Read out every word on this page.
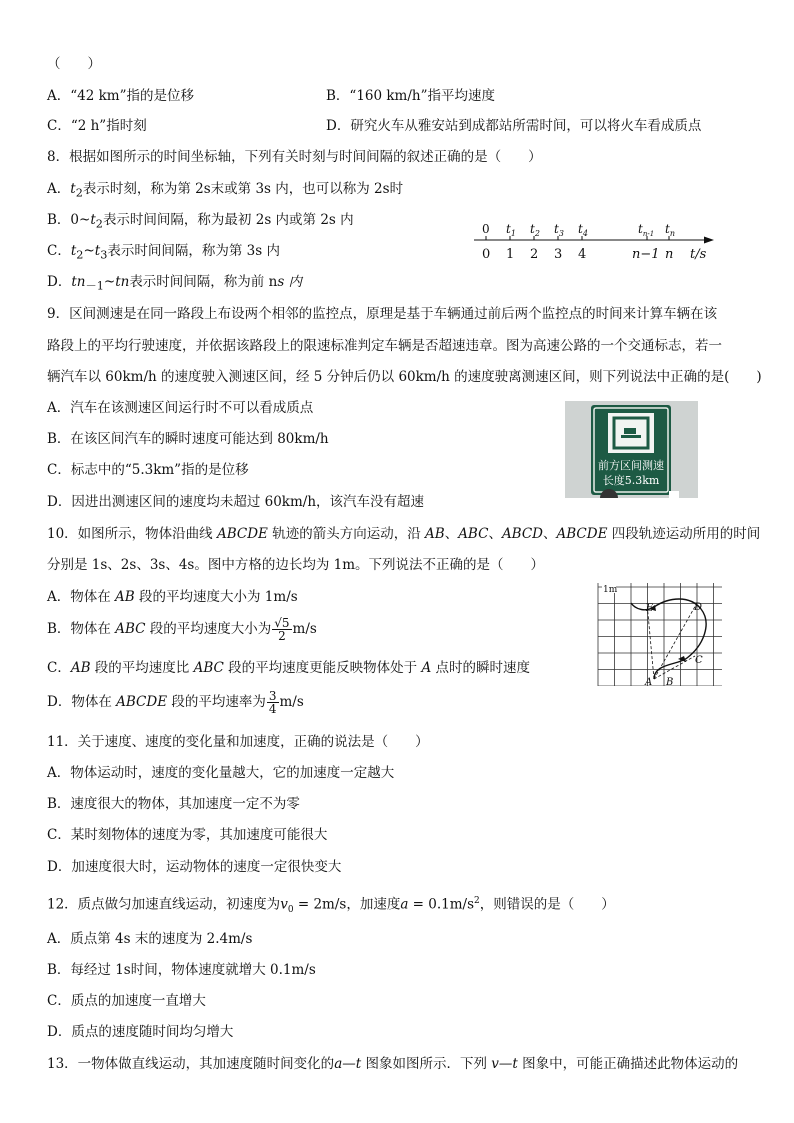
（　　）
A．“42 km”指的是位移	B．“160 km/h”指平均速度
C．“2 h”指时刻	D．研究火车从雅安站到成都站所需时间，可以将火车看成质点
8．根据如图所示的时间坐标轴，下列有关时刻与时间间隔的叙述正确的是（　　）
A．$t_2$表示时刻，称为第 2s末或第 3s 内，也可以称为 2s时
B．$0\sim t_2$表示时间间隔，称为最初 2s 内或第 2s 内
C．$t_2\sim t_3$表示时间间隔，称为第 3s 内
D．$tn_{-1}\sim tn$表示时间间隔，称为前 ns 内
0 $t_1$ $t_2$ $t_3$ $t_4$	$t_{n-1}$ $t_n$
0 1 2 3 4	n−1 n t/s
9．区间测速是在同一路段上布设两个相邻的监控点，原理是基于车辆通过前后两个监控点的时间来计算车辆在该
路段上的平均行驶速度，并依据该路段上的限速标准判定车辆是否超速违章。图为高速公路的一个交通标志，若一
辆汽车以 60km/h 的速度驶入测速区间，经 5 分钟后仍以 60km/h 的速度驶离测速区间，则下列说法中正确的是(　　)
A．汽车在该测速区间运行时不可以看成质点
B．在该区间汽车的瞬时速度可能达到 80km/h
C．标志中的“5.3km”指的是位移
D．因进出测速区间的速度均未超过 60km/h，该汽车没有超速
前方区间测速
长度5.3km
10．如图所示，物体沿曲线 ABCDE 轨迹的箭头方向运动，沿 AB、ABC、ABCD、ABCDE 四段轨迹运动所用的时间
分别是 1s、2s、3s、4s。图中方格的边长均为 1m。下列说法不正确的是（　　）
A．物体在 AB 段的平均速度大小为 1m/s
B．物体在 ABC 段的平均速度大小为 $\frac{√5}{2} m/s$
C．AB 段的平均速度比 ABC 段的平均速度更能反映物体处于 A 点时的瞬时速度
D．物体在 ABCDE 段的平均速率为 $\frac{3}{4} m/s$
1m
A B
C
D
E
11．关于速度、速度的变化量和加速度，正确的说法是（　　）
A．物体运动时，速度的变化量越大，它的加速度一定越大
B．速度很大的物体，其加速度一定不为零
C．某时刻物体的速度为零，其加速度可能很大
D．加速度很大时，运动物体的速度一定很快变大
12．质点做匀加速直线运动，初速度为$v_0 = 2m/s$，加速度$a = 0.1m/s^2$，则错误的是（　　）
A．质点第 4s 末的速度为 2.4m/s
B．每经过 1s时间，物体速度就增大 0.1m/s
C．质点的加速度一直增大
D．质点的速度随时间均匀增大
13．一物体做直线运动，其加速度随时间变化的a—t 图象如图所示．下列 v—t 图象中，可能正确描述此物体运动的
